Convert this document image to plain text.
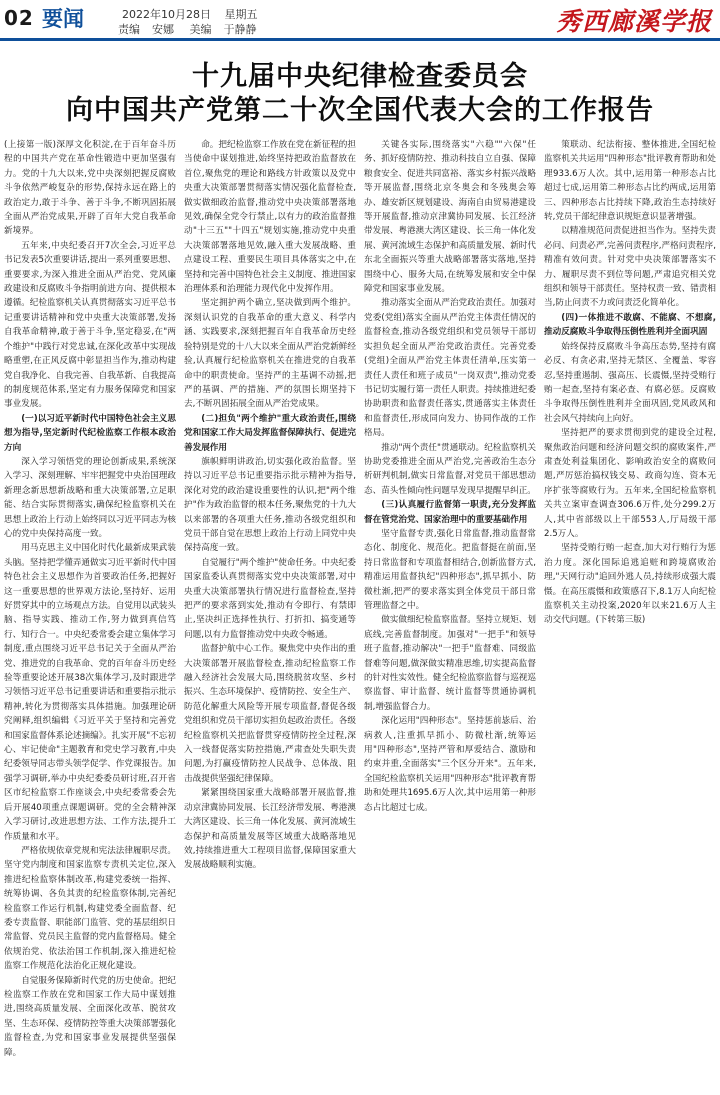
02 要闻	2022年10月28日 星期五
责编 安娜 美编 于静静	秀西廊溪学报
十九届中央纪律检查委员会
向中国共产党第二十次全国代表大会的工作报告

(上接第一版)深厚文化积淀,在于百年奋斗历程的中国共产党在革命性锻造中更加坚强有力。党的十九大以来,党中央深刻把握反腐败斗争依然严峻复杂的形势,保持永远在路上的政治定力,敢于斗争、善于斗争,不断巩固拓展全面从严治党成果,开辟了百年大党自我革命新境界。

五年来,中央纪委召开7次全会,习近平总书记发表5次重要讲话,提出一系列重要思想、重要要求,为深入推进全面从严治党、党风廉政建设和反腐败斗争指明前进方向、提供根本遵循。纪检监察机关认真贯彻落实习近平总书记重要讲话精神和党中央重大决策部署,发扬自我革命精神,敢于善于斗争,坚定稳妥,在"两个维护"中践行对党忠诚,在深化改革中实现战略重塑,在正风反腐中彰显担当作为,推动构建党自我净化、自我完善、自我革新、自我提高的制度规范体系,坚定有力服务保障党和国家事业发展。

(一)以习近平新时代中国特色社会主义思想为指导,坚定新时代纪检监察工作根本政治方向

深入学习领悟党的理论创新成果,系统深入学习、深刻理解、牢牢把握党中央治国理政新理念新思想新战略和重大决策部署,立足职能、结合实际贯彻落实,确保纪检监察机关在思想上政治上行动上始终同以习近平同志为核心的党中央保持高度一致。

用马克思主义中国化时代化最新成果武装头脑。坚持把学懂弄通做实习近平新时代中国特色社会主义思想作为首要政治任务,把握好这一重要思想的世界观方法论,坚持好、运用好贯穿其中的立场观点方法。自觉用以武装头脑、指导实践、推动工作,努力做到真信笃行、知行合一。中央纪委常委会建立集体学习制度,重点围绕习近平总书记关于全面从严治党、推进党的自我革命、党的百年奋斗历史经验等重要论述开展38次集体学习,及时跟进学习领悟习近平总书记重要讲话和重要指示批示精神,转化为贯彻落实具体措施。加强理论研究阐释,组织编辑《习近平关于坚持和完善党和国家监督体系论述摘编》。扎实开展"不忘初心、牢记使命"主题教育和党史学习教育,中央纪委领导同志带头领学促学、作党课报告。加强学习调研,举办中央纪委委员研讨班,召开省区市纪检监察工作座谈会,中央纪委常委会先后开展40项重点课题调研。党的全会精神深入学习研讨,改进思想方法、工作方法,提升工作质量和水平。

严格依规依章党规和宪法法律履职尽责。坚守党内制度和国家监察专责机关定位,深入推进纪检监察体制改革,构建党委统一指挥、统筹协调、各负其责的纪检监察体制,完善纪检监察工作运行机制,构建党委全面监督、纪委专责监督、职能部门监管、党的基层组织日常监督、党员民主监督的党内监督格局。健全依规治党、依法治国工作机制,深入推进纪检监察工作规范化法治化正规化建设。

自觉服务保障新时代党的历史使命。把纪检监察工作放在党和国家工作大局中谋划推进,围绕高质量发展、全面深化改革、脱贫攻坚、生态环保、疫情防控等重大决策部署强化监督检查,为党和国家事业发展提供坚强保障。

命。把纪检监察工作放在党在新征程的担当使命中谋划推进,始终坚持把政治监督放在首位,聚焦党的理论和路线方针政策以及党中央重大决策部署贯彻落实情况强化监督检查,做实做细政治监督,推动党中央决策部署落地见效,确保全党令行禁止,以有力的政治监督推动"十三五""十四五"规划实施,推动党中央重大决策部署落地见效,融入重大发展战略、重点建设工程、重要民生项目具体落实之中,在坚持和完善中国特色社会主义制度、推进国家治理体系和治理能力现代化中发挥作用。

坚定拥护两个确立,坚决做到两个维护。深刻认识党的自我革命的重大意义、科学内涵、实践要求,深刻把握百年自我革命历史经验特别是党的十八大以来全面从严治党新鲜经验,认真履行纪检监察机关在推进党的自我革命中的职责使命。坚持严的主基调不动摇,把严的基调、严的措施、严的氛围长期坚持下去,不断巩固拓展全面从严治党成果。

(二)担负"两个维护"重大政治责任,围绕党和国家工作大局发挥监督保障执行、促进完善发展作用

旗帜鲜明讲政治,切实强化政治监督。坚持以习近平总书记重要指示批示精神为指导,深化对党的政治建设重要性的认识,把"两个维护"作为政治监督的根本任务,聚焦党的十九大以来部署的各项重大任务,推动各级党组织和党员干部自觉在思想上政治上行动上同党中央保持高度一致。

自觉履行"两个维护"使命任务。中央纪委国家监委认真贯彻落实党中央决策部署,对中央重大决策部署执行情况进行监督检查,坚持把严的要求落到实处,推动有令即行、有禁即止,坚决纠正选择性执行、打折扣、搞变通等问题,以有力监督推动党中央政令畅通。

监督护航中心工作。聚焦党中央作出的重大决策部署开展监督检查,推动纪检监察工作融入经济社会发展大局,围绕脱贫攻坚、乡村振兴、生态环境保护、疫情防控、安全生产、防范化解重大风险等开展专项监督,督促各级党组织和党员干部切实担负起政治责任。各级纪检监察机关把监督贯穿疫情防控全过程,深入一线督促落实防控措施,严肃查处失职失责问题,为打赢疫情防控人民战争、总体战、阻击战提供坚强纪律保障。

紧紧围绕国家重大战略部署开展监督,推动京津冀协同发展、长江经济带发展、粤港澳大湾区建设、长三角一体化发展、黄河流域生态保护和高质量发展等区域重大战略落地见效,持续推进重大工程项目监督,保障国家重大发展战略顺利实施。

关键各实际,围绕落实"六稳""六保"任务、抓好疫情防控、推动科技自立自强、保障粮食安全、促进共同富裕、落实乡村振兴战略等开展监督,围绕北京冬奥会和冬残奥会筹办、雄安新区规划建设、海南自由贸易港建设等开展监督,推动京津冀协同发展、长江经济带发展、粤港澳大湾区建设、长三角一体化发展、黄河流域生态保护和高质量发展、新时代东北全面振兴等重大战略部署落实落地,坚持围绕中心、服务大局,在统筹发展和安全中保障党和国家事业发展。

推动落实全面从严治党政治责任。加强对党委(党组)落实全面从严治党主体责任情况的监督检查,推动各级党组织和党员领导干部切实担负起全面从严治党政治责任。完善党委(党组)全面从严治党主体责任清单,压实第一责任人责任和班子成员"一岗双责",推动党委书记切实履行第一责任人职责。持续推进纪委协助职责和监督责任落实,贯通落实主体责任和监督责任,形成同向发力、协同作战的工作格局。

推动"两个责任"贯通联动。纪检监察机关协助党委推进全面从严治党,完善政治生态分析研判机制,做实日常监督,对党员干部思想动态、苗头性倾向性问题早发现早提醒早纠正。

(三)认真履行监督第一职责,充分发挥监督在管党治党、国家治理中的重要基础作用

坚守监督专责,强化日常监督,推动监督常态化、制度化、规范化。把监督挺在前面,坚持日常监督和专项监督相结合,创新监督方式,精准运用监督执纪"四种形态",抓早抓小、防微杜渐,把严的要求落实到全体党员干部日常管理监督之中。

做实做细纪检监察监督。坚持立规矩、划底线,完善监督制度。加强对"一把手"和领导班子监督,推动解决"一把手"监督难、同级监督难等问题,做深做实精准思维,切实提高监督的针对性实效性。健全纪检监察监督与巡视巡察监督、审计监督、统计监督等贯通协调机制,增强监督合力。

深化运用"四种形态"。坚持惩前毖后、治病救人,注重抓早抓小、防微杜渐,统筹运用"四种形态",坚持严管和厚爱结合、激励和约束并重,全面落实"三个区分开来"。五年来,全国纪检监察机关运用"四种形态"批评教育帮助和处理共1695.6万人次,其中运用第一种形态占比超过七成。

策联动、纪法衔接、整体推进,全国纪检监察机关共运用"四种形态"批评教育帮助和处理933.6万人次。其中,运用第一种形态占比超过七成,运用第二种形态占比约两成,运用第三、四种形态占比持续下降,政治生态持续好转,党员干部纪律意识规矩意识显著增强。

以精准规范问责促进担当作为。坚持失责必问、问责必严,完善问责程序,严格问责程序,精准有效问责。针对党中央决策部署落实不力、履职尽责不到位等问题,严肃追究相关党组织和领导干部责任。坚持权责一致、错责相当,防止问责不力或问责泛化简单化。

(四)一体推进不敢腐、不能腐、不想腐,推动反腐败斗争取得压倒性胜利并全面巩固

始终保持反腐败斗争高压态势,坚持有腐必反、有贪必肃,坚持无禁区、全覆盖、零容忍,坚持重遏制、强高压、长震慑,坚持受贿行贿一起查,坚持有案必查、有腐必惩。反腐败斗争取得压倒性胜利并全面巩固,党风政风和社会风气持续向上向好。

坚持把严的要求贯彻到党的建设全过程,聚焦政治问题和经济问题交织的腐败案件,严肃查处利益集团化、影响政治安全的腐败问题,严厉惩治搞权钱交易、政商勾连、资本无序扩张等腐败行为。五年来,全国纪检监察机关共立案审查调查306.6万件,处分299.2万人,其中省部级以上干部553人,厅局级干部2.5万人。

坚持受贿行贿一起查,加大对行贿行为惩治力度。深化国际追逃追赃和跨境腐败治理,"天网行动"追回外逃人员,持续形成强大震慑。在高压震慑和政策感召下,8.1万人向纪检监察机关主动投案,2020年以来21.6万人主动交代问题。(下转第三版)
